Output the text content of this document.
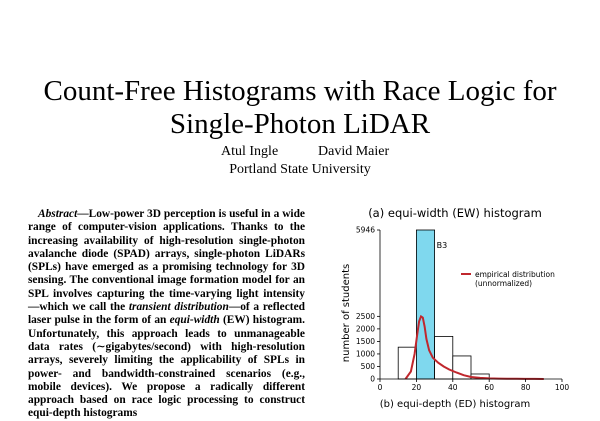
Count-Free Histograms with Race Logic for
Single-Photon LiDAR
Atul Ingle	David Maier
Portland State University
Abstract—Low-power 3D perception is useful in a wide range of computer-vision applications. Thanks to the increasing availability of high-resolution single-photon avalanche diode (SPAD) arrays, single-photon LiDARs (SPLs) have emerged as a promising technology for 3D sensing. The conventional image formation model for an SPL involves capturing the time-varying light intensity—which we call the transient distribution—of a reflected laser pulse in the form of an equi-width (EW) histogram. Unfortunately, this approach leads to unmanageable data rates (∼gigabytes/second) with high-resolution arrays, severely limiting the applicability of SPLs in power- and bandwidth-constrained scenarios (e.g., mobile devices). We propose a radically different approach based on race logic processing to construct equi-depth histograms
(a) equi-width (EW) histogram
number of students
0	20	40	60	80	100
0
500
1000
1500
2000
2500
5946
B3
empirical distribution
(unnormalized)
(b) equi-depth (ED) histogram
